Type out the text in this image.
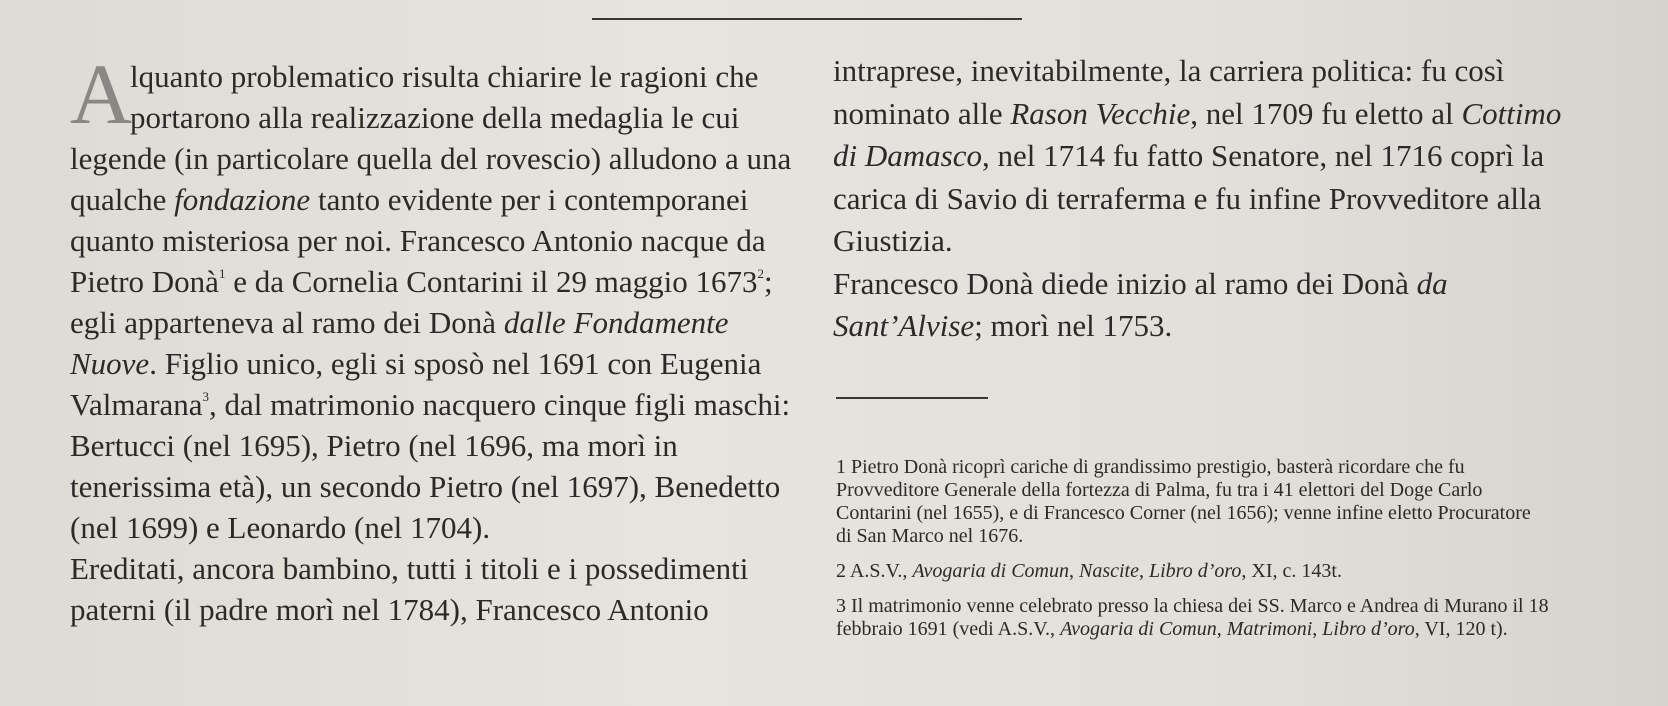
A
lquanto problematico risulta chiarire le ragioni che
portarono alla realizzazione della medaglia le cui
legende (in particolare quella del rovescio) alludono a una
qualche fondazione tanto evidente per i contemporanei
quanto misteriosa per noi. Francesco Antonio nacque da
Pietro Donà$^1$ e da Cornelia Contarini il 29 maggio 1673$^2$;
egli apparteneva al ramo dei Donà dalle Fondamente
Nuove. Figlio unico, egli si sposò nel 1691 con Eugenia
Valmarana$^3$, dal matrimonio nacquero cinque figli maschi:
Bertucci (nel 1695), Pietro (nel 1696, ma morì in
tenerissima età), un secondo Pietro (nel 1697), Benedetto
(nel 1699) e Leonardo (nel 1704).
Ereditati, ancora bambino, tutti i titoli e i possedimenti
paterni (il padre morì nel 1784), Francesco Antonio
intraprese, inevitabilmente, la carriera politica: fu così
nominato alle Rason Vecchie, nel 1709 fu eletto al Cottimo
di Damasco, nel 1714 fu fatto Senatore, nel 1716 coprì la
carica di Savio di terraferma e fu infine Provveditore alla
Giustizia.
Francesco Donà diede inizio al ramo dei Donà da
Sant’Alvise; morì nel 1753.
1 Pietro Donà ricoprì cariche di grandissimo prestigio, basterà ricordare che fu
Provveditore Generale della fortezza di Palma, fu tra i 41 elettori del Doge Carlo
Contarini (nel 1655), e di Francesco Corner (nel 1656); venne infine eletto Procuratore
di San Marco nel 1676.
2 A.S.V., Avogaria di Comun, Nascite, Libro d’oro, XI, c. 143t.
3 Il matrimonio venne celebrato presso la chiesa dei SS. Marco e Andrea di Murano il 18
febbraio 1691 (vedi A.S.V., Avogaria di Comun, Matrimoni, Libro d’oro, VI, 120 t).
